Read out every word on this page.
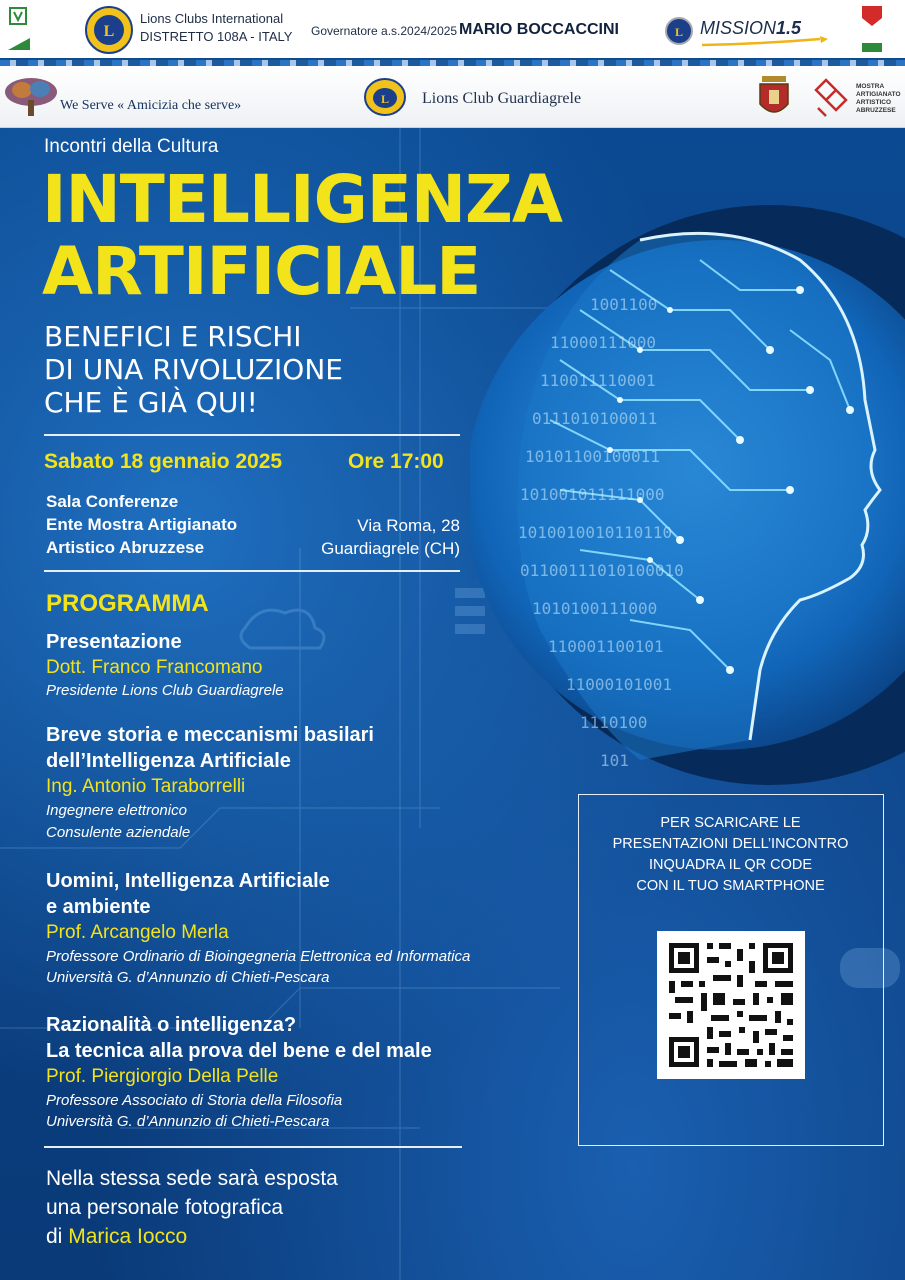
L
Lions Clubs International
DISTRETTO 108A - ITALY Governatore a.s.2024/2025 MARIO BOCCACCINI	L MISSION1.5
We Serve « Amicizia che serve»	L Lions Club Guardiagrele
MOSTRA
ARTIGIANATO
ARTISTICO
ABRUZZESE
1001100
11000111000
110011110001
0111010100011
10101100100011
101001011111000
1010010010110110
01100111010100010
1010100111000
110001100101
11000101001
1110100
101
Incontri della Cultura
INTELLIGENZA
ARTIFICIALE
BENEFICI E RISCHI
DI UNA RIVOLUZIONE
CHE È GIÀ QUI!
Sabato 18 gennaio 2025	Ore 17:00
Sala Conferenze
Ente Mostra Artigianato
Artistico Abruzzese
Via Roma, 28
Guardiagrele (CH)
PROGRAMMA
Presentazione
Dott. Franco Francomano
Presidente Lions Club Guardiagrele
Breve storia e meccanismi basilari
dell’Intelligenza Artificiale
Ing. Antonio Taraborrelli
Ingegnere elettronico
Consulente aziendale
Uomini, Intelligenza Artificiale
e ambiente
Prof. Arcangelo Merla
Professore Ordinario di Bioingegneria Elettronica ed Informatica
Università G. d’Annunzio di Chieti-Pescara
Razionalità o intelligenza?
La tecnica alla prova del bene e del male
Prof. Piergiorgio Della Pelle
Professore Associato di Storia della Filosofia
Università G. d’Annunzio di Chieti-Pescara
Nella stessa sede sarà esposta
una personale fotografica
di Marica Iocco
PER SCARICARE LE
PRESENTAZIONI DELL’INCONTRO
INQUADRA IL QR CODE
CON IL TUO SMARTPHONE
